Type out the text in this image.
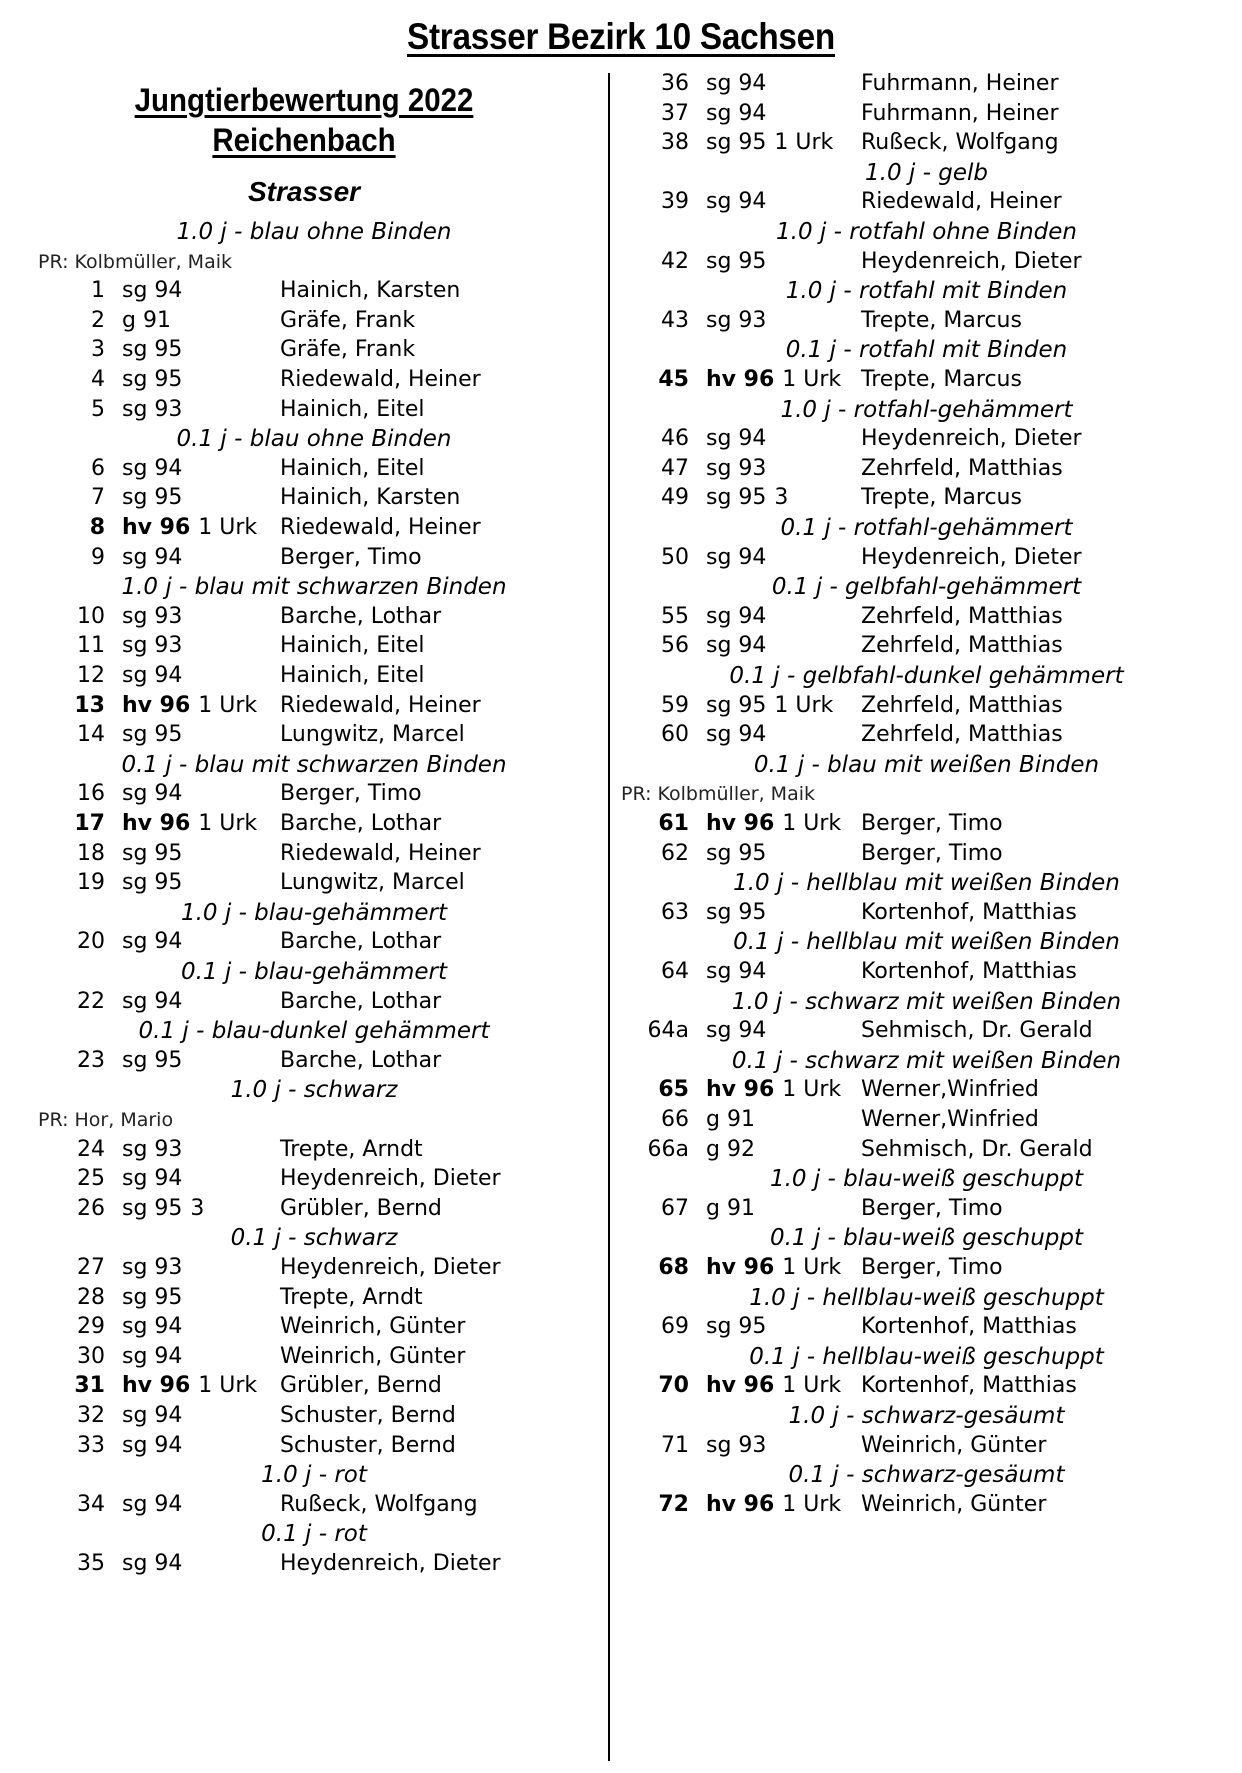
Strasser Bezirk 10 Sachsen
Jungtierbewertung 2022
Reichenbach
Strasser
1.0 j - blau ohne Binden
PR: Kolbmüller, Maik
1 sg 94	Hainich, Karsten
2 g 91	Gräfe, Frank
3 sg 95	Gräfe, Frank
4 sg 95	Riedewald, Heiner
5 sg 93	Hainich, Eitel
0.1 j - blau ohne Binden
6 sg 94	Hainich, Eitel
7 sg 95	Hainich, Karsten
8 hv 96 1 Urk Riedewald, Heiner
9 sg 94	Berger, Timo
1.0 j - blau mit schwarzen Binden
10 sg 93	Barche, Lothar
11 sg 93	Hainich, Eitel
12 sg 94	Hainich, Eitel
13 hv 96 1 Urk Riedewald, Heiner
14 sg 95	Lungwitz, Marcel
0.1 j - blau mit schwarzen Binden
16 sg 94	Berger, Timo
17 hv 96 1 Urk Barche, Lothar
18 sg 95	Riedewald, Heiner
19 sg 95	Lungwitz, Marcel
1.0 j - blau-gehämmert
20 sg 94	Barche, Lothar
0.1 j - blau-gehämmert
22 sg 94	Barche, Lothar
0.1 j - blau-dunkel gehämmert
23 sg 95	Barche, Lothar
1.0 j - schwarz
PR: Hor, Mario
24 sg 93	Trepte, Arndt
25 sg 94	Heydenreich, Dieter
26 sg 95 3	Grübler, Bernd
0.1 j - schwarz
27 sg 93	Heydenreich, Dieter
28 sg 95	Trepte, Arndt
29 sg 94	Weinrich, Günter
30 sg 94	Weinrich, Günter
31 hv 96 1 Urk Grübler, Bernd
32 sg 94	Schuster, Bernd
33 sg 94	Schuster, Bernd
1.0 j - rot
34 sg 94	Rußeck, Wolfgang
0.1 j - rot
35 sg 94	Heydenreich, Dieter
36 sg 94	Fuhrmann, Heiner
37 sg 94	Fuhrmann, Heiner
38 sg 95 1 Urk Rußeck, Wolfgang
1.0 j - gelb
39 sg 94	Riedewald, Heiner
1.0 j - rotfahl ohne Binden
42 sg 95	Heydenreich, Dieter
1.0 j - rotfahl mit Binden
43 sg 93	Trepte, Marcus
0.1 j - rotfahl mit Binden
45 hv 96 1 Urk Trepte, Marcus
1.0 j - rotfahl-gehämmert
46 sg 94	Heydenreich, Dieter
47 sg 93	Zehrfeld, Matthias
49 sg 95 3	Trepte, Marcus
0.1 j - rotfahl-gehämmert
50 sg 94	Heydenreich, Dieter
0.1 j - gelbfahl-gehämmert
55 sg 94	Zehrfeld, Matthias
56 sg 94	Zehrfeld, Matthias
0.1 j - gelbfahl-dunkel gehämmert
59 sg 95 1 Urk Zehrfeld, Matthias
60 sg 94	Zehrfeld, Matthias
0.1 j - blau mit weißen Binden
PR: Kolbmüller, Maik
61 hv 96 1 Urk Berger, Timo
62 sg 95	Berger, Timo
1.0 j - hellblau mit weißen Binden
63 sg 95	Kortenhof, Matthias
0.1 j - hellblau mit weißen Binden
64 sg 94	Kortenhof, Matthias
1.0 j - schwarz mit weißen Binden
64a sg 94	Sehmisch, Dr. Gerald
0.1 j - schwarz mit weißen Binden
65 hv 96 1 Urk Werner,Winfried
66 g 91	Werner,Winfried
66a g 92	Sehmisch, Dr. Gerald
1.0 j - blau-weiß geschuppt
67 g 91	Berger, Timo
0.1 j - blau-weiß geschuppt
68 hv 96 1 Urk Berger, Timo
1.0 j - hellblau-weiß geschuppt
69 sg 95	Kortenhof, Matthias
0.1 j - hellblau-weiß geschuppt
70 hv 96 1 Urk Kortenhof, Matthias
1.0 j - schwarz-gesäumt
71 sg 93	Weinrich, Günter
0.1 j - schwarz-gesäumt
72 hv 96 1 Urk Weinrich, Günter
